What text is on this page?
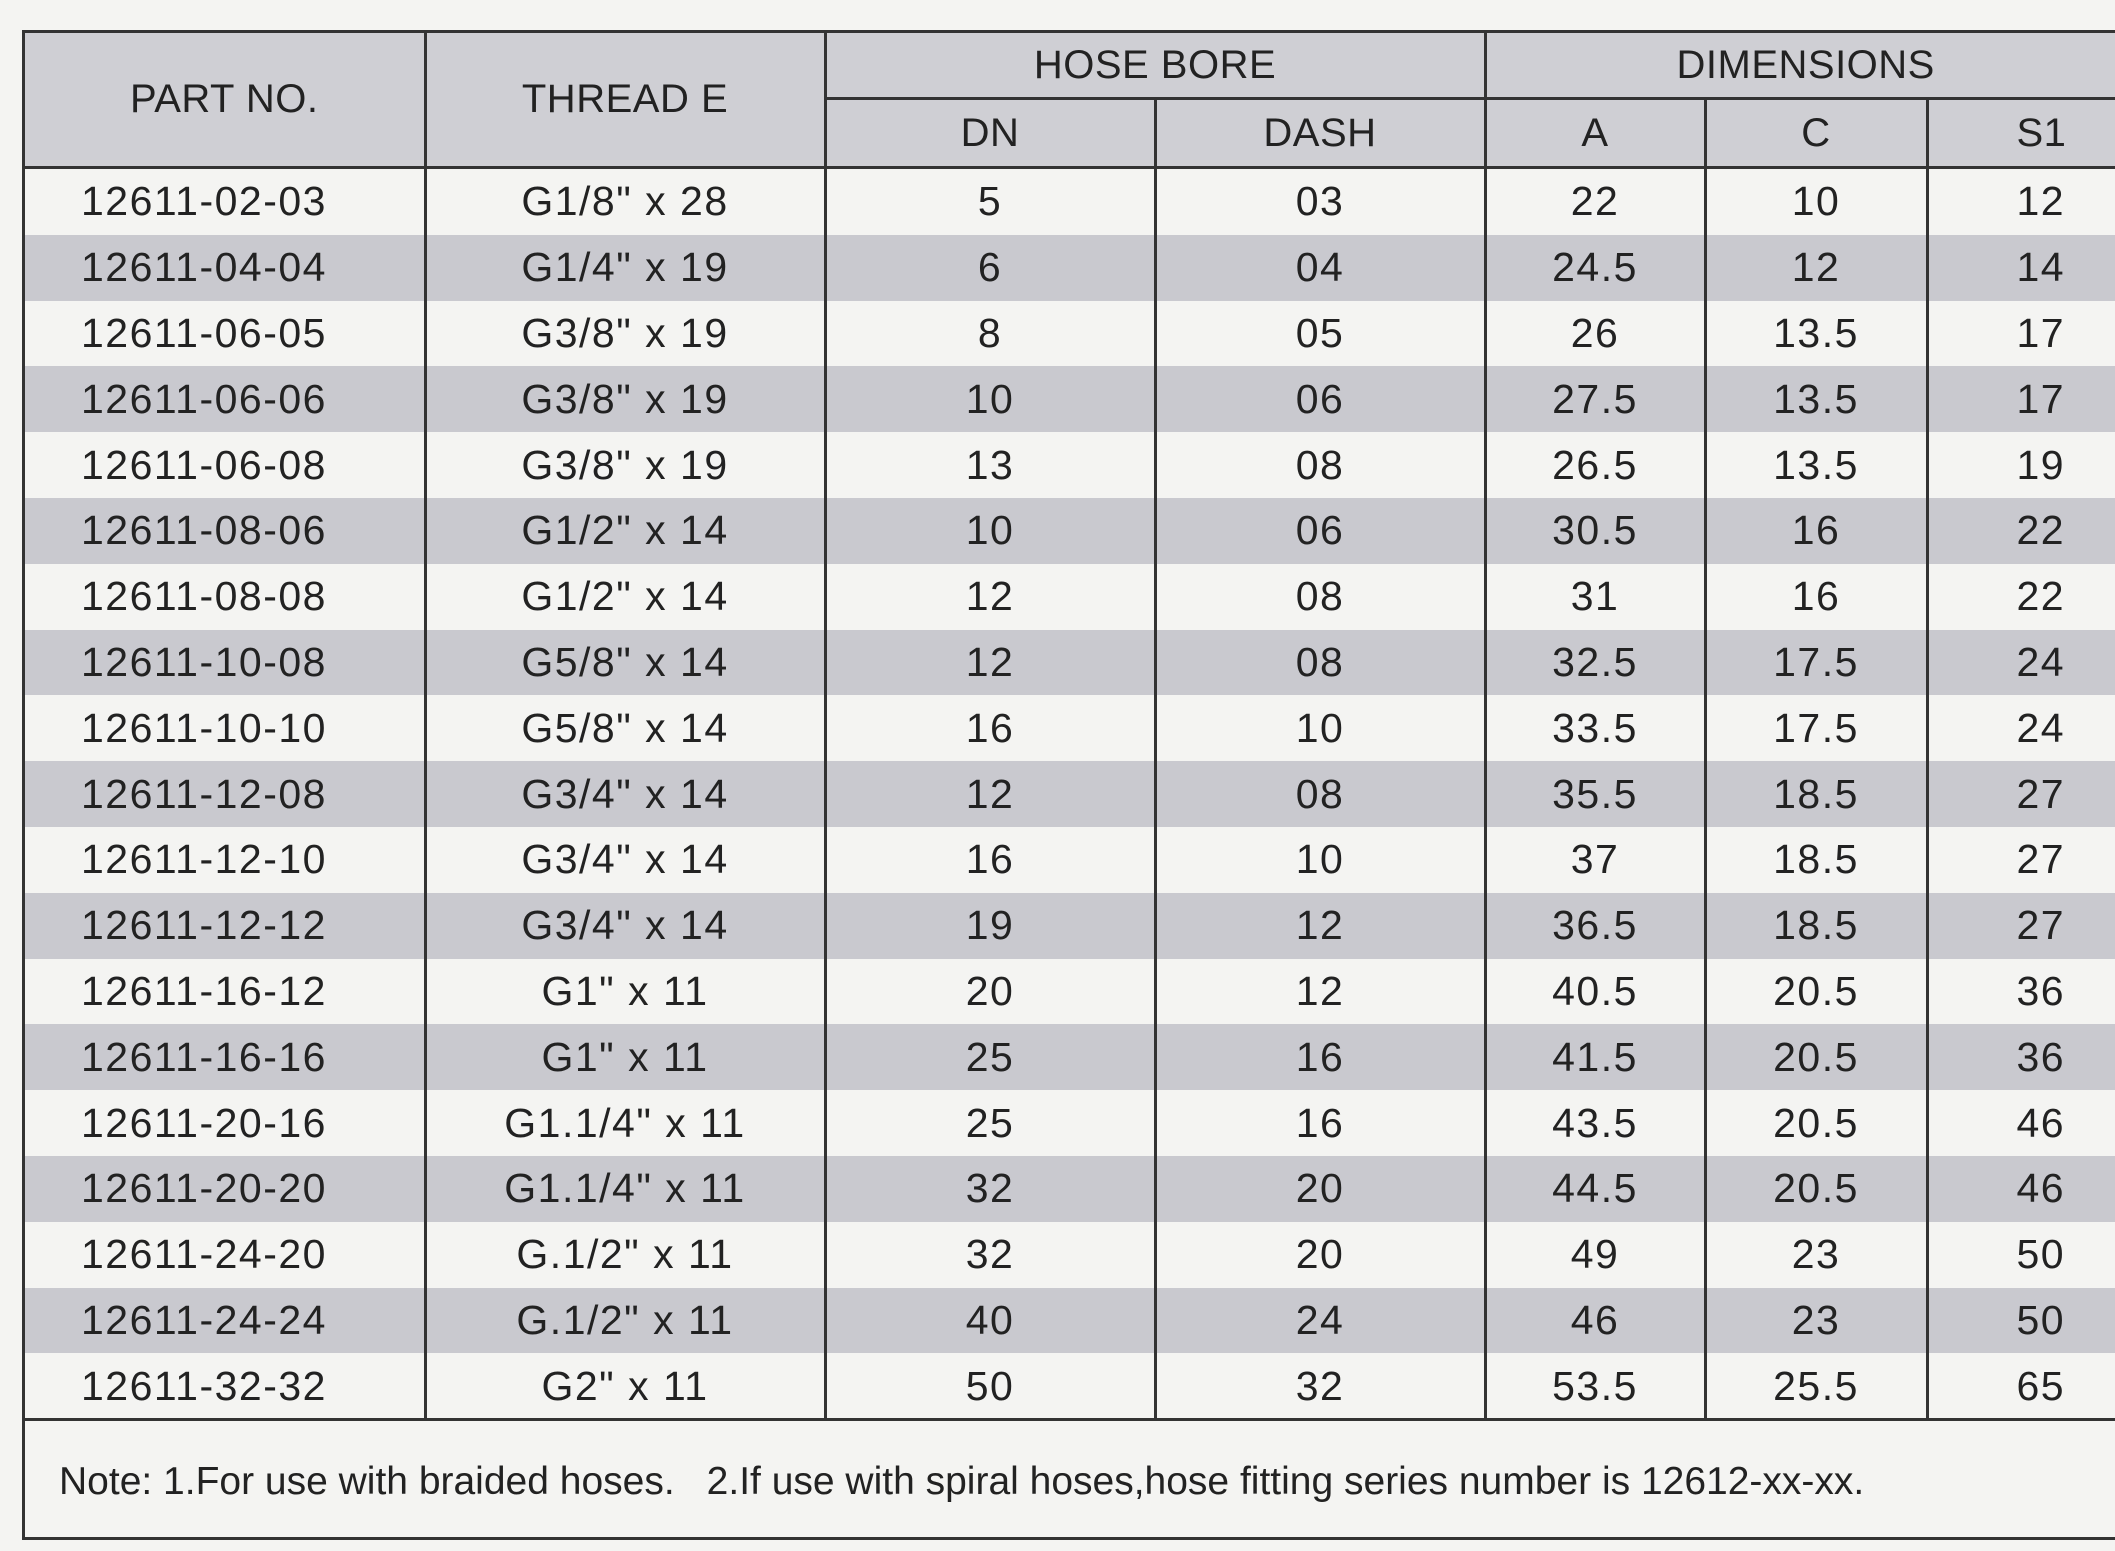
PART NO.	THREAD E	HOSE BORE		DIMENSIONS		
		DN	DASH	A	C	S1
12611-02-03	G1/8" x 28	5	03	22	10	12
12611-04-04	G1/4" x 19	6	04	24.5	12	14
12611-06-05	G3/8" x 19	8	05	26	13.5	17
12611-06-06	G3/8" x 19	10	06	27.5	13.5	17
12611-06-08	G3/8" x 19	13	08	26.5	13.5	19
12611-08-06	G1/2" x 14	10	06	30.5	16	22
12611-08-08	G1/2" x 14	12	08	31	16	22
12611-10-08	G5/8" x 14	12	08	32.5	17.5	24
12611-10-10	G5/8" x 14	16	10	33.5	17.5	24
12611-12-08	G3/4" x 14	12	08	35.5	18.5	27
12611-12-10	G3/4" x 14	16	10	37	18.5	27
12611-12-12	G3/4" x 14	19	12	36.5	18.5	27
12611-16-12	G1" x 11	20	12	40.5	20.5	36
12611-16-16	G1" x 11	25	16	41.5	20.5	36
12611-20-16	G1.1/4" x 11	25	16	43.5	20.5	46
12611-20-20	G1.1/4" x 11	32	20	44.5	20.5	46
12611-24-20	G.1/2" x 11	32	20	49	23	50
12611-24-24	G.1/2" x 11	40	24	46	23	50
12611-32-32	G2" x 11	50	32	53.5	25.5	65
Note: 1.For use with braided hoses. 2.If use with spiral hoses,hose fitting series number is 12612-xx-xx.
